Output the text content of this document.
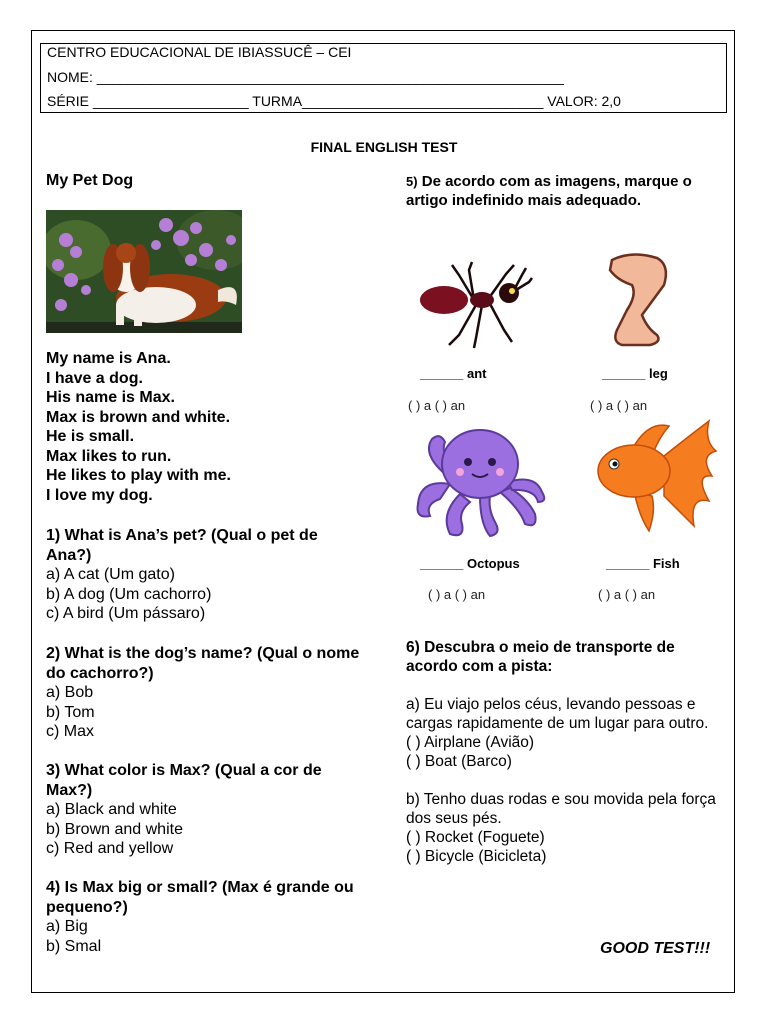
CENTRO EDUCACIONAL DE IBIASSUCÊ – CEI
NOME: ____________________________________________________________
SÉRIE ____________________ TURMA_______________________________ VALOR: 2,0
FINAL ENGLISH TEST

My Pet Dog

My name is Ana.
I have a dog.
His name is Max.
Max is brown and white.
He is small.
Max likes to run.
He likes to play with me.
I love my dog.
1) What is Ana’s pet? (Qual o pet de Ana?)
a) A cat (Um gato)
b) A dog (Um cachorro)
c) A bird (Um pássaro)
2) What is the dog’s name? (Qual o nome do cachorro?)
a) Bob
b) Tom
c) Max
3) What color is Max? (Qual a cor de Max?)
a) Black and white
b) Brown and white
c) Red and yellow
4) Is Max big or small? (Max é grande ou pequeno?)
a) Big
b) Smal

5) De acordo com as imagens, marque o artigo indefinido mais adequado.

______ ant
( ) a ( ) an
______ leg
( ) a ( ) an
______ Octopus
( ) a ( ) an
______ Fish
( ) a ( ) an
6) Descubra o meio de transporte de acordo com a pista:
a) Eu viajo pelos céus, levando pessoas e cargas rapidamente de um lugar para outro.
( ) Airplane (Avião)
( ) Boat (Barco)
b) Tenho duas rodas e sou movida pela força dos seus pés.
( ) Rocket (Foguete)
( ) Bicycle (Bicicleta)
GOOD TEST!!!
